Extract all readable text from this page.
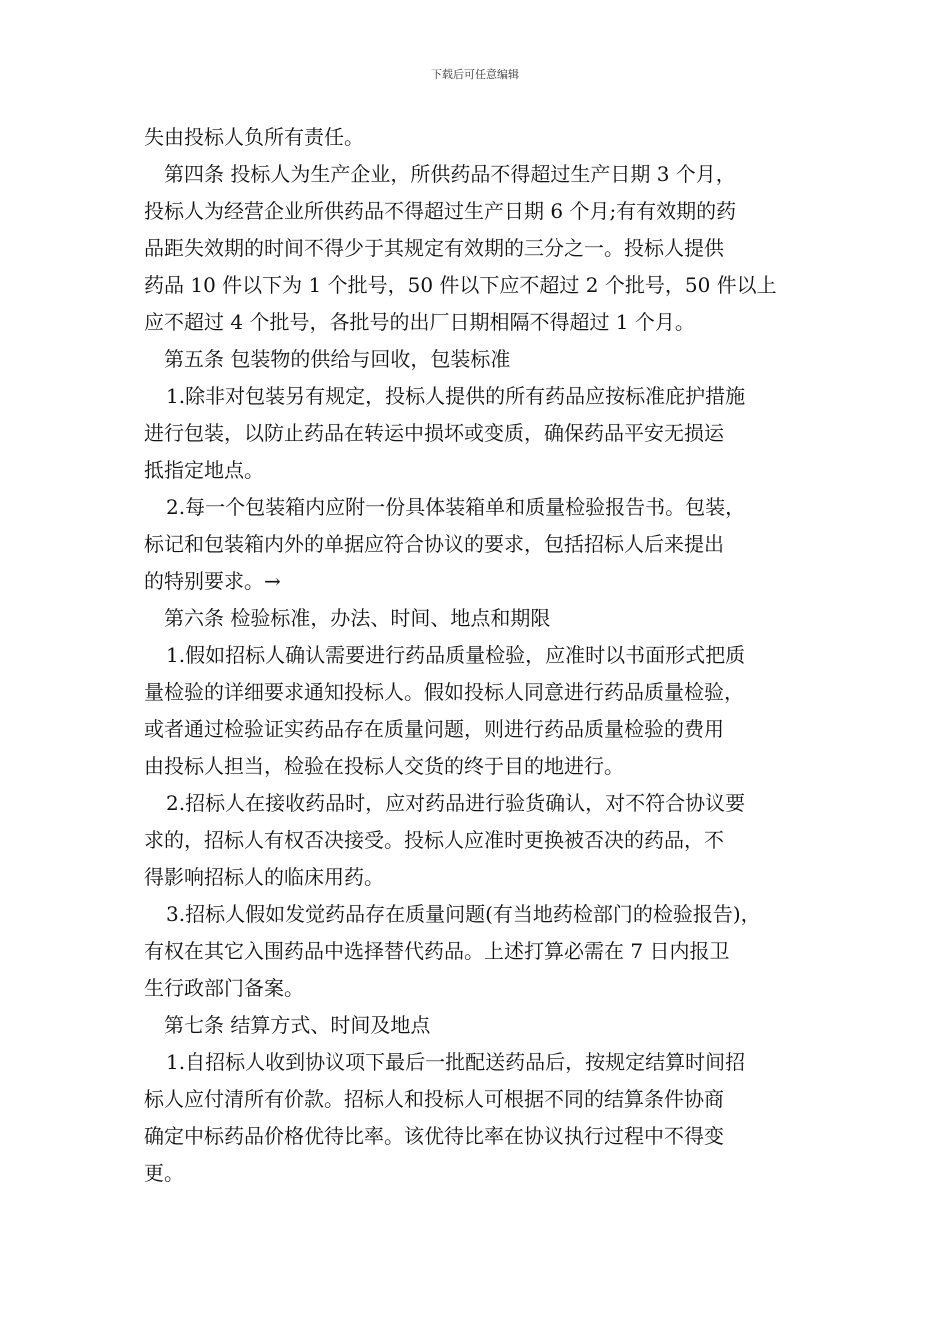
下载后可任意编辑
失由投标人负所有责任。
第四条 投标人为生产企业，所供药品不得超过生产日期 3 个月，
投标人为经营企业所供药品不得超过生产日期 6 个月;有有效期的药
品距失效期的时间不得少于其规定有效期的三分之一。投标人提供
药品 10 件以下为 1 个批号，50 件以下应不超过 2 个批号，50 件以上
应不超过 4 个批号，各批号的出厂日期相隔不得超过 1 个月。
第五条 包装物的供给与回收，包装标准
1.除非对包装另有规定，投标人提供的所有药品应按标准庇护措施
进行包装，以防止药品在转运中损坏或变质，确保药品平安无损运
抵指定地点。
2.每一个包装箱内应附一份具体装箱单和质量检验报告书。包装，
标记和包装箱内外的单据应符合协议的要求，包括招标人后来提出
的特别要求。→
第六条 检验标准，办法、时间、地点和期限
1.假如招标人确认需要进行药品质量检验，应准时以书面形式把质
量检验的详细要求通知投标人。假如投标人同意进行药品质量检验，
或者通过检验证实药品存在质量问题，则进行药品质量检验的费用
由投标人担当，检验在投标人交货的终于目的地进行。
2.招标人在接收药品时，应对药品进行验货确认，对不符合协议要
求的，招标人有权否决接受。投标人应准时更换被否决的药品，不
得影响招标人的临床用药。
3.招标人假如发觉药品存在质量问题(有当地药检部门的检验报告)，
有权在其它入围药品中选择替代药品。上述打算必需在 7 日内报卫
生行政部门备案。
第七条 结算方式、时间及地点
1.自招标人收到协议项下最后一批配送药品后，按规定结算时间招
标人应付清所有价款。招标人和投标人可根据不同的结算条件协商
确定中标药品价格优待比率。该优待比率在协议执行过程中不得变
更。
